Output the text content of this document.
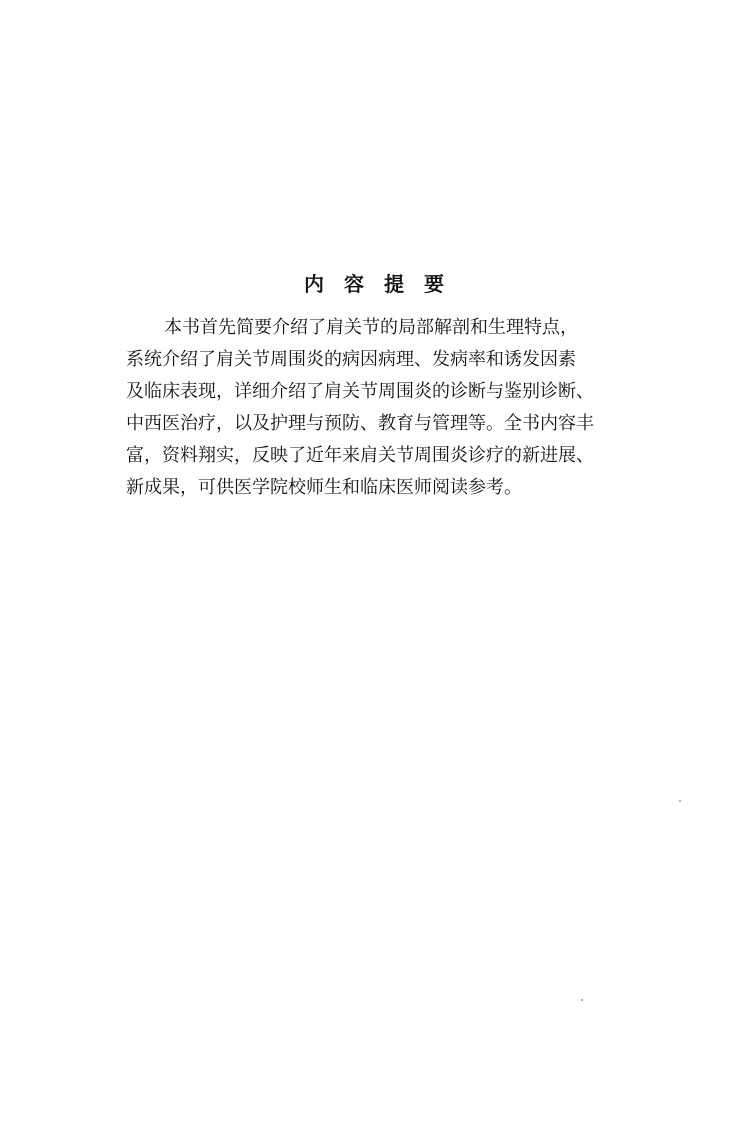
内容提要
本书首先简要介绍了肩关节的局部解剖和生理特点，
系统介绍了肩关节周围炎的病因病理、发病率和诱发因素
及临床表现，详细介绍了肩关节周围炎的诊断与鉴别诊断、
中西医治疗，以及护理与预防、教育与管理等。全书内容丰
富，资料翔实，反映了近年来肩关节周围炎诊疗的新进展、
新成果，可供医学院校师生和临床医师阅读参考。
